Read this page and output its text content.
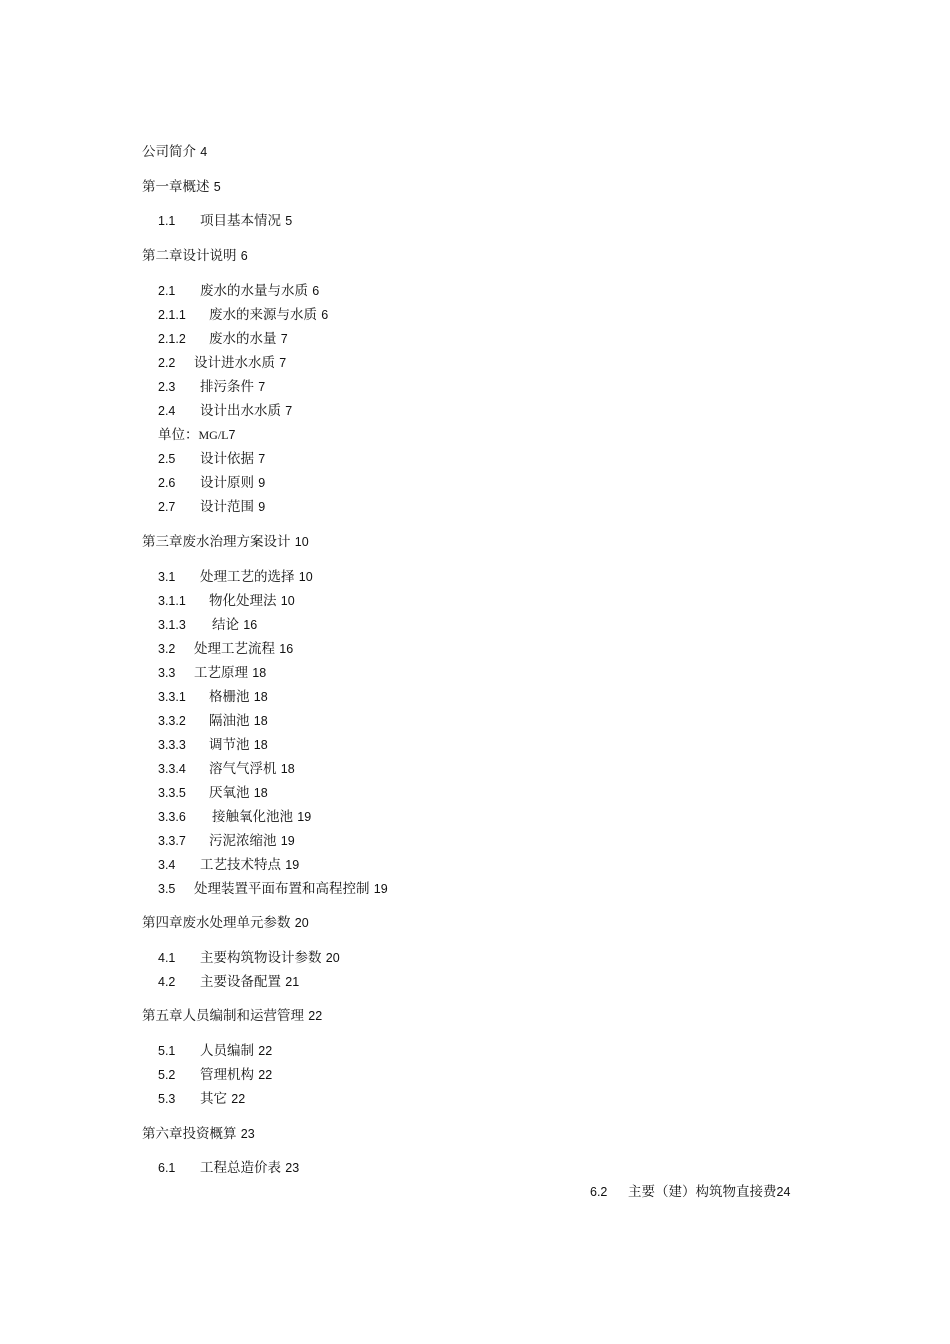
公司简介 4
第一章概述 5
1.1 项目基本情况 5
第二章设计说明 6
2.1 废水的水量与水质 6
2.1.1 废水的来源与水质 6
2.1.2 废水的水量 7
2.2 设计进水水质 7
2.3 排污条件 7
2.4 设计出水水质 7
单位：MG/L7
2.5 设计依据 7
2.6 设计原则 9
2.7 设计范围 9
第三章废水治理方案设计 10
3.1 处理工艺的选择 10
3.1.1 物化处理法 10
3.1.3 结论 16
3.2 处理工艺流程 16
3.3 工艺原理 18
3.3.1 格栅池 18
3.3.2 隔油池 18
3.3.3 调节池 18
3.3.4 溶气气浮机 18
3.3.5 厌氧池 18
3.3.6 接触氧化池池 19
3.3.7 污泥浓缩池 19
3.4 工艺技术特点 19
3.5 处理装置平面布置和高程控制 19
第四章废水处理单元参数 20
4.1 主要构筑物设计参数 20
4.2 主要设备配置 21
第五章人员编制和运营管理 22
5.1 人员编制 22
5.2 管理机构 22
5.3 其它 22
第六章投资概算 23
6.1 工程总造价表 23
6.2 主要（建）构筑物直接费24
